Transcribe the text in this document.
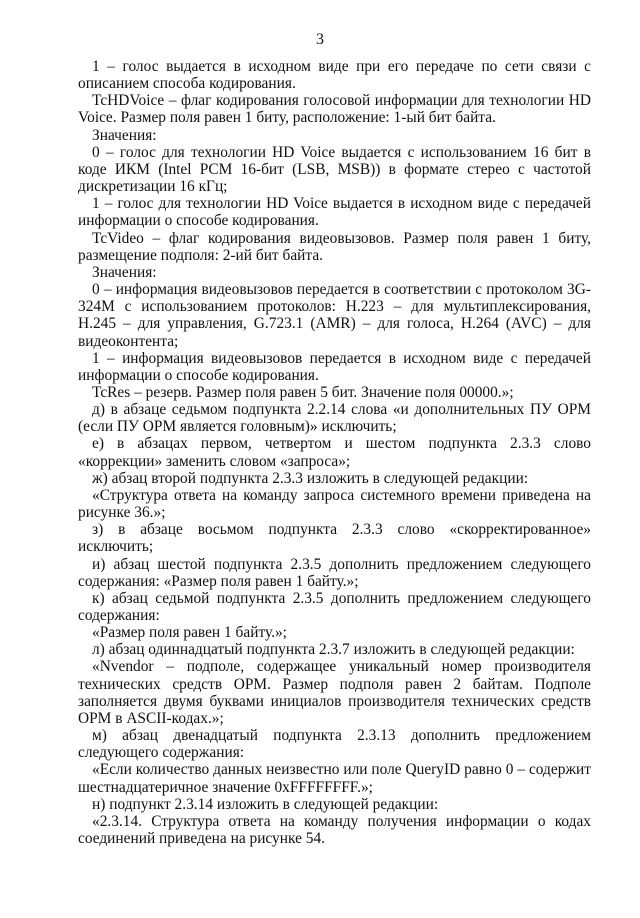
3

1 – голос выдается в исходном виде при его передаче по сети связи с описанием способа кодирования.

TcHDVoice – флаг кодирования голосовой информации для технологии HD Voice. Размер поля равен 1 биту, расположение: 1-ый бит байта.

Значения:

0 – голос для технологии HD Voice выдается с использованием 16 бит в коде ИКМ (Intel PCM 16-бит (LSB, MSB)) в формате стерео с частотой дискретизации 16 кГц;

1 – голос для технологии HD Voice выдается в исходном виде с передачей информации о способе кодирования.

TcVideo – флаг кодирования видеовызовов. Размер поля равен 1 биту, размещение подполя: 2-ий бит байта.

Значения:

0 – информация видеовызовов передается в соответствии с протоколом 3G-324M с использованием протоколов: H.223 – для мультиплексирования, H.245 – для управления, G.723.1 (AMR) – для голоса, H.264 (AVC) – для видеоконтента;

1 – информация видеовызовов передается в исходном виде с передачей информации о способе кодирования.

TcRes – резерв. Размер поля равен 5 бит. Значение поля 00000.»;

д) в абзаце седьмом подпункта 2.2.14 слова «и дополнительных ПУ ОРМ (если ПУ ОРМ является головным)» исключить;

е) в абзацах первом, четвертом и шестом подпункта 2.3.3 слово «коррекции» заменить словом «запроса»;

ж) абзац второй подпункта 2.3.3 изложить в следующей редакции:

«Структура ответа на команду запроса системного времени приведена на рисунке 36.»;

з) в абзаце восьмом подпункта 2.3.3 слово «скорректированное» исключить;

и) абзац шестой подпункта 2.3.5 дополнить предложением следующего содержания: «Размер поля равен 1 байту.»;

к) абзац седьмой подпункта 2.3.5 дополнить предложением следующего содержания:

«Размер поля равен 1 байту.»;

л) абзац одиннадцатый подпункта 2.3.7 изложить в следующей редакции:

«Nvendor – подполе, содержащее уникальный номер производителя технических средств ОРМ. Размер подполя равен 2 байтам. Подполе заполняется двумя буквами инициалов производителя технических средств ОРМ в ASCII-кодах.»;

м) абзац двенадцатый подпункта 2.3.13 дополнить предложением следующего содержания:

«Если количество данных неизвестно или поле QueryID равно 0 – содержит шестнадцатеричное значение 0xFFFFFFFF.»;

н) подпункт 2.3.14 изложить в следующей редакции:

«2.3.14. Структура ответа на команду получения информации о кодах соединений приведена на рисунке 54.
